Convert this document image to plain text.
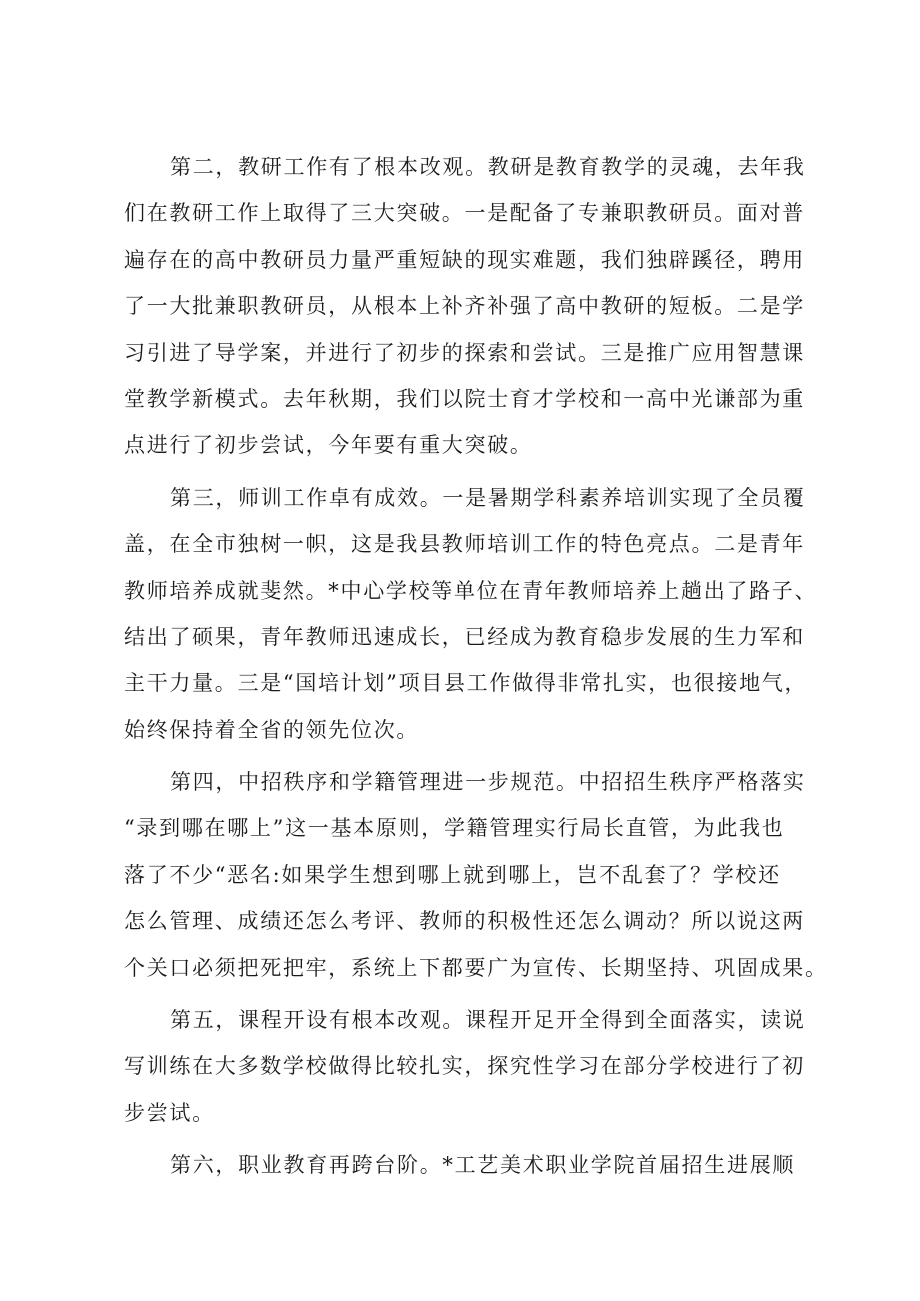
第二，教研工作有了根本改观。教研是教育教学的灵魂，去年我
们在教研工作上取得了三大突破。一是配备了专兼职教研员。面对普
遍存在的高中教研员力量严重短缺的现实难题，我们独辟蹊径，聘用
了一大批兼职教研员，从根本上补齐补强了高中教研的短板。二是学
习引进了导学案，并进行了初步的探索和尝试。三是推广应用智慧课
堂教学新模式。去年秋期，我们以院士育才学校和一高中光谦部为重
点进行了初步尝试，今年要有重大突破。
第三，师训工作卓有成效。一是暑期学科素养培训实现了全员覆
盖，在全市独树一帜，这是我县教师培训工作的特色亮点。二是青年
教师培养成就斐然。*中心学校等单位在青年教师培养上趟出了路子、
结出了硕果，青年教师迅速成长，已经成为教育稳步发展的生力军和
主干力量。三是“国培计划”项目县工作做得非常扎实，也很接地气，
始终保持着全省的领先位次。
第四，中招秩序和学籍管理进一步规范。中招招生秩序严格落实
“录到哪在哪上”这一基本原则，学籍管理实行局长直管，为此我也
落了不少“恶名:如果学生想到哪上就到哪上，岂不乱套了？学校还
怎么管理、成绩还怎么考评、教师的积极性还怎么调动？所以说这两
个关口必须把死把牢，系统上下都要广为宣传、长期坚持、巩固成果。
第五，课程开设有根本改观。课程开足开全得到全面落实，读说
写训练在大多数学校做得比较扎实，探究性学习在部分学校进行了初
步尝试。
第六，职业教育再跨台阶。*工艺美术职业学院首届招生进展顺
